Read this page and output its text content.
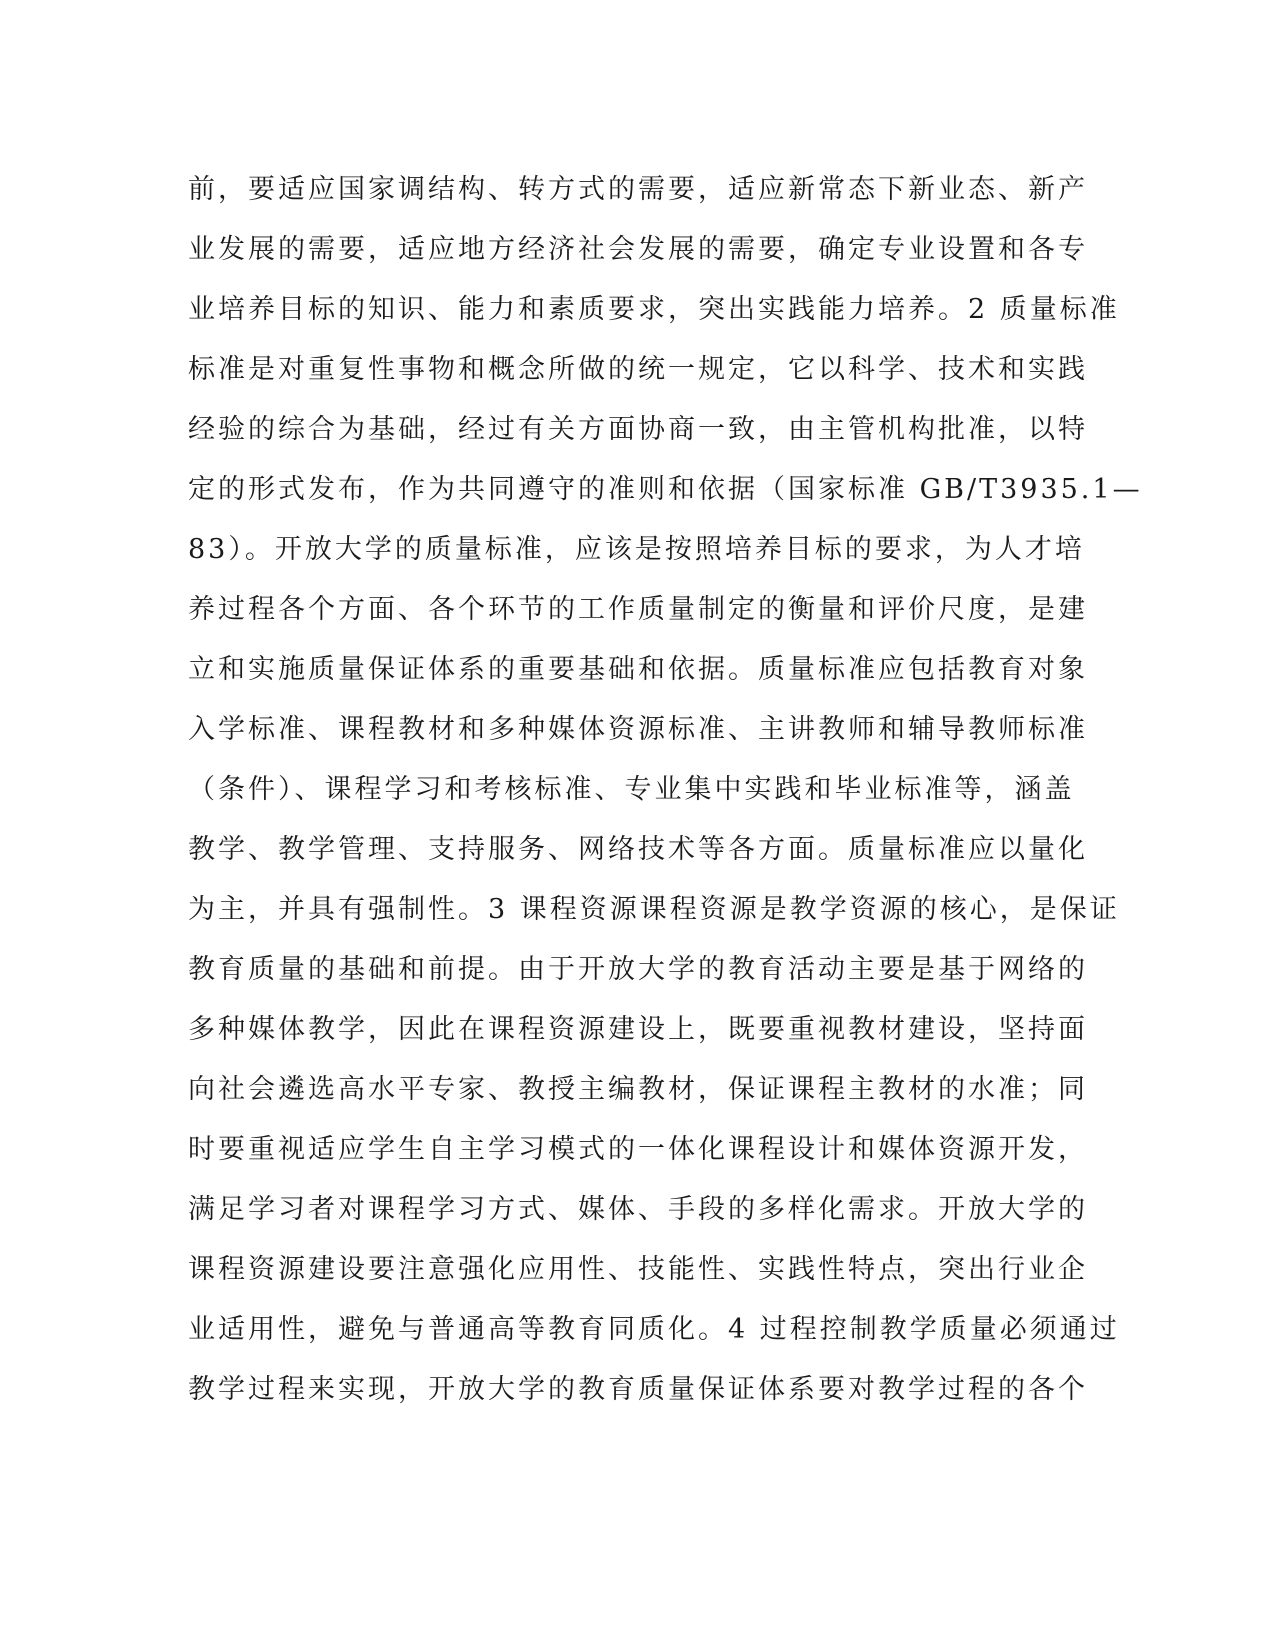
前，要适应国家调结构、转方式的需要，适应新常态下新业态、新产
业发展的需要，适应地方经济社会发展的需要，确定专业设置和各专
业培养目标的知识、能力和素质要求，突出实践能力培养。2 质量标准
标准是对重复性事物和概念所做的统一规定，它以科学、技术和实践
经验的综合为基础，经过有关方面协商一致，由主管机构批准，以特
定的形式发布，作为共同遵守的准则和依据（国家标准 GB/T3935.1—
83）。开放大学的质量标准，应该是按照培养目标的要求，为人才培
养过程各个方面、各个环节的工作质量制定的衡量和评价尺度，是建
立和实施质量保证体系的重要基础和依据。质量标准应包括教育对象
入学标准、课程教材和多种媒体资源标准、主讲教师和辅导教师标准
（条件）、课程学习和考核标准、专业集中实践和毕业标准等，涵盖
教学、教学管理、支持服务、网络技术等各方面。质量标准应以量化
为主，并具有强制性。3 课程资源课程资源是教学资源的核心，是保证
教育质量的基础和前提。由于开放大学的教育活动主要是基于网络的
多种媒体教学，因此在课程资源建设上，既要重视教材建设，坚持面
向社会遴选高水平专家、教授主编教材，保证课程主教材的水准；同
时要重视适应学生自主学习模式的一体化课程设计和媒体资源开发，
满足学习者对课程学习方式、媒体、手段的多样化需求。开放大学的
课程资源建设要注意强化应用性、技能性、实践性特点，突出行业企
业适用性，避免与普通高等教育同质化。4 过程控制教学质量必须通过
教学过程来实现，开放大学的教育质量保证体系要对教学过程的各个
